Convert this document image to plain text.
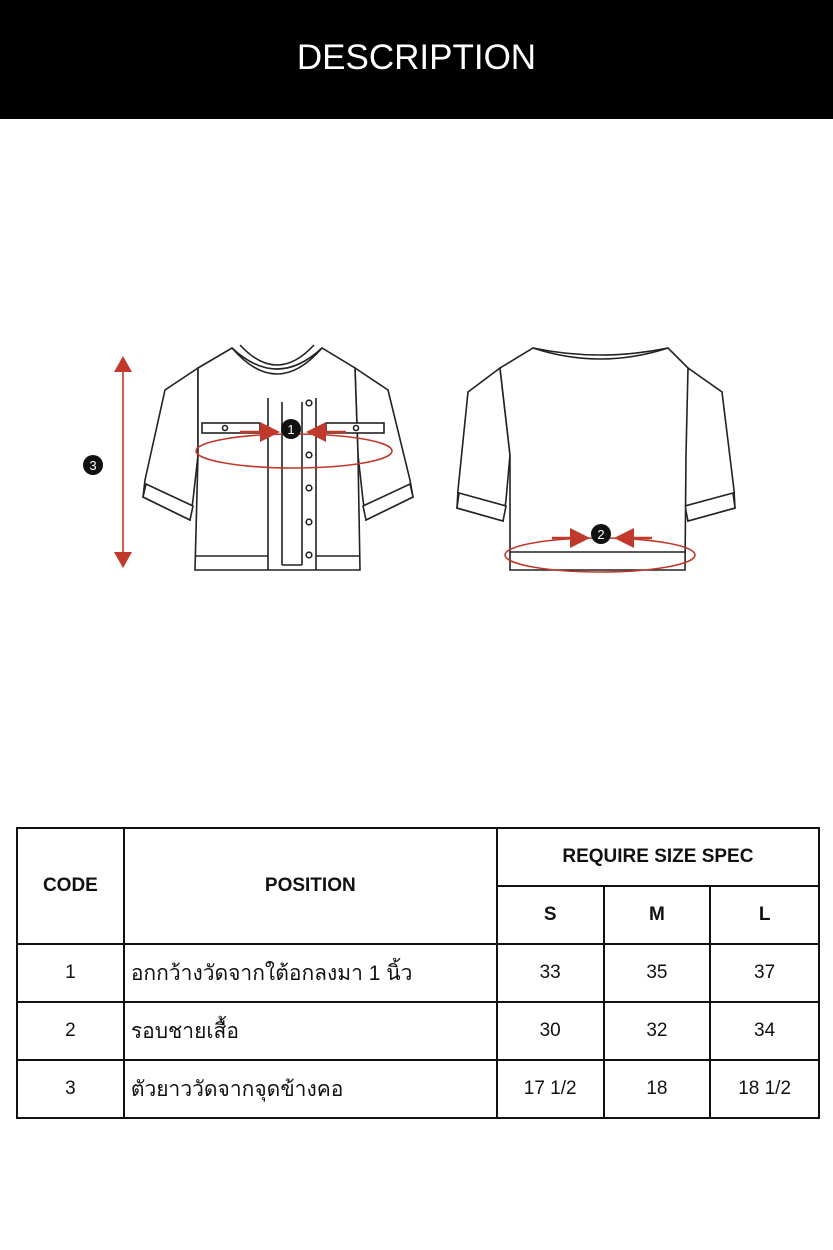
DESCRIPTION
1
2
3
CODE	POSITION	REQUIRE SIZE SPEC		
		S	M	L
1	อกกว้างวัดจากใต้อกลงมา 1 นิ้ว	33	35	37
2	รอบชายเสื้อ	30	32	34
3	ตัวยาววัดจากจุดข้างคอ	17 1/2	18	18 1/2
